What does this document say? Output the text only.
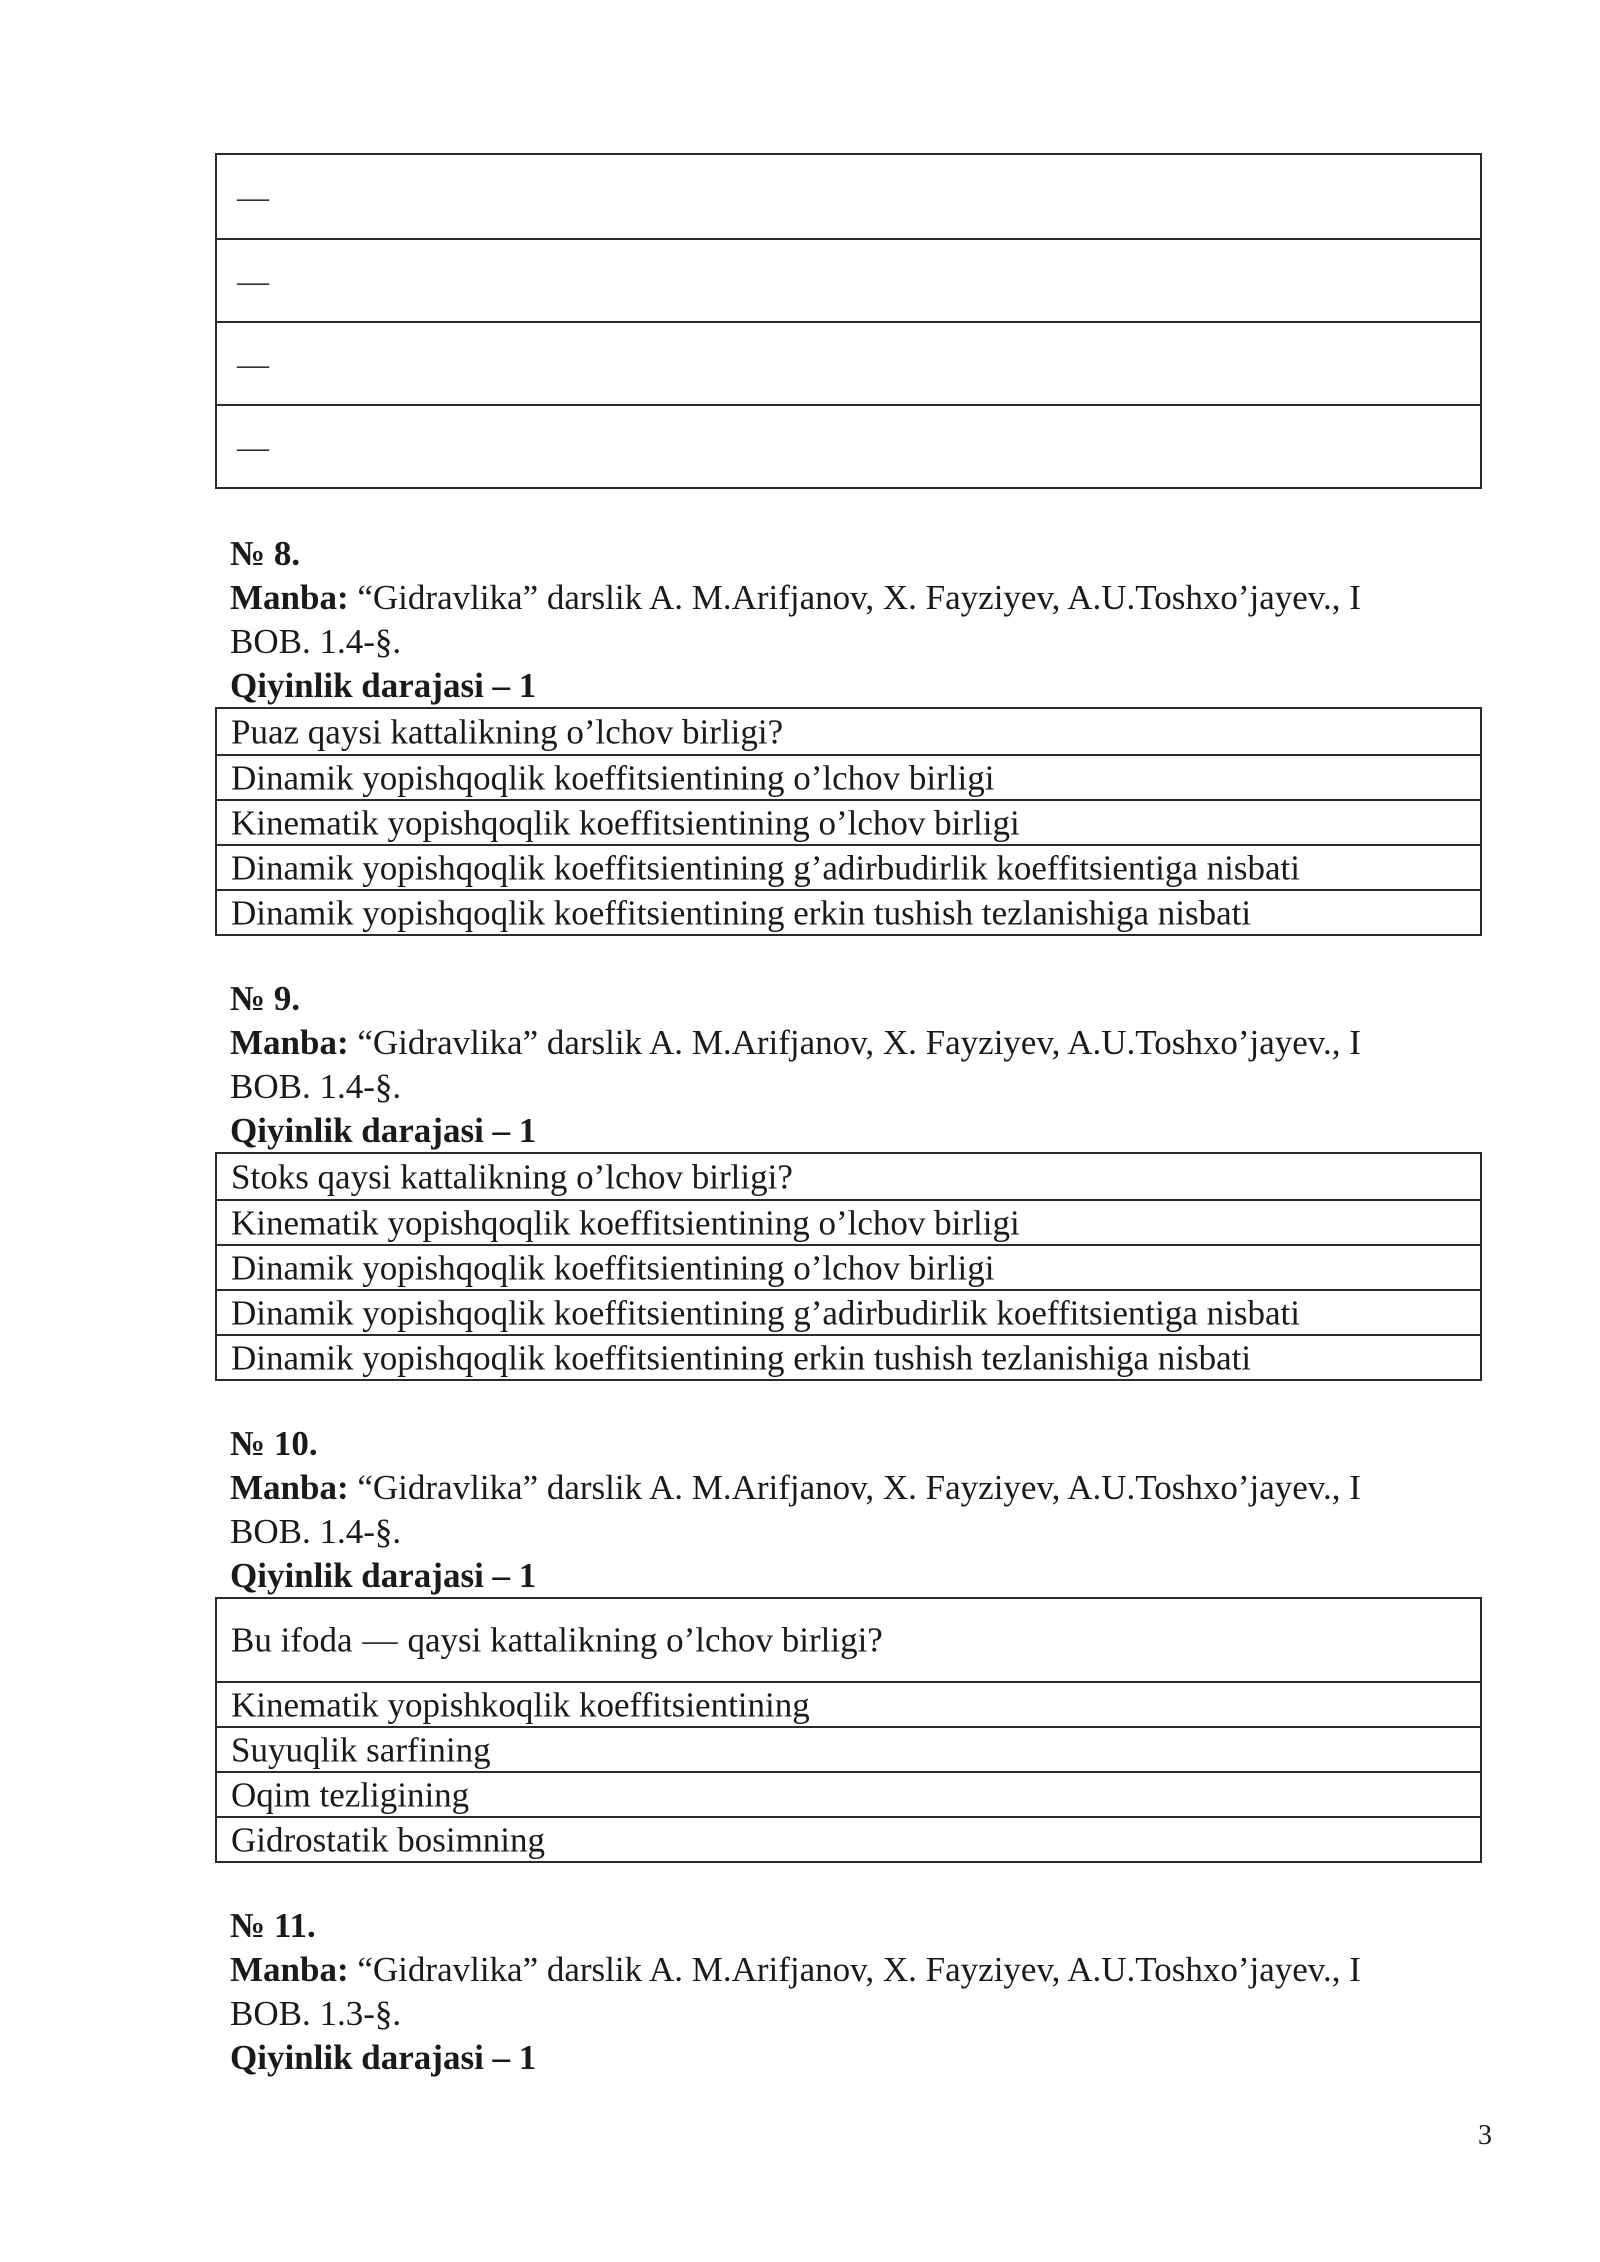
—
—
—
—
№ 8.
Manba: “Gidravlika” darslik A. M.Arifjanov, X. Fayziyev, A.U.Toshxo’jayev., I
BOB. 1.4-§.
Qiyinlik darajasi – 1
Puaz qaysi kattalikning o’lchov birligi?
Dinamik yopishqoqlik koeffitsientining o’lchov birligi
Kinematik yopishqoqlik koeffitsientining o’lchov birligi
Dinamik yopishqoqlik koeffitsientining g’adirbudirlik koeffitsientiga nisbati
Dinamik yopishqoqlik koeffitsientining erkin tushish tezlanishiga nisbati
№ 9.
Manba: “Gidravlika” darslik A. M.Arifjanov, X. Fayziyev, A.U.Toshxo’jayev., I
BOB. 1.4-§.
Qiyinlik darajasi – 1
Stoks qaysi kattalikning o’lchov birligi?
Kinematik yopishqoqlik koeffitsientining o’lchov birligi
Dinamik yopishqoqlik koeffitsientining o’lchov birligi
Dinamik yopishqoqlik koeffitsientining g’adirbudirlik koeffitsientiga nisbati
Dinamik yopishqoqlik koeffitsientining erkin tushish tezlanishiga nisbati
№ 10.
Manba: “Gidravlika” darslik A. M.Arifjanov, X. Fayziyev, A.U.Toshxo’jayev., I
BOB. 1.4-§.
Qiyinlik darajasi – 1
Bu ifoda — qaysi kattalikning o’lchov birligi?
Kinematik yopishkoqlik koeffitsientining
Suyuqlik sarfining
Oqim tezligining
Gidrostatik bosimning
№ 11.
Manba: “Gidravlika” darslik A. M.Arifjanov, X. Fayziyev, A.U.Toshxo’jayev., I
BOB. 1.3-§.
Qiyinlik darajasi – 1
3
